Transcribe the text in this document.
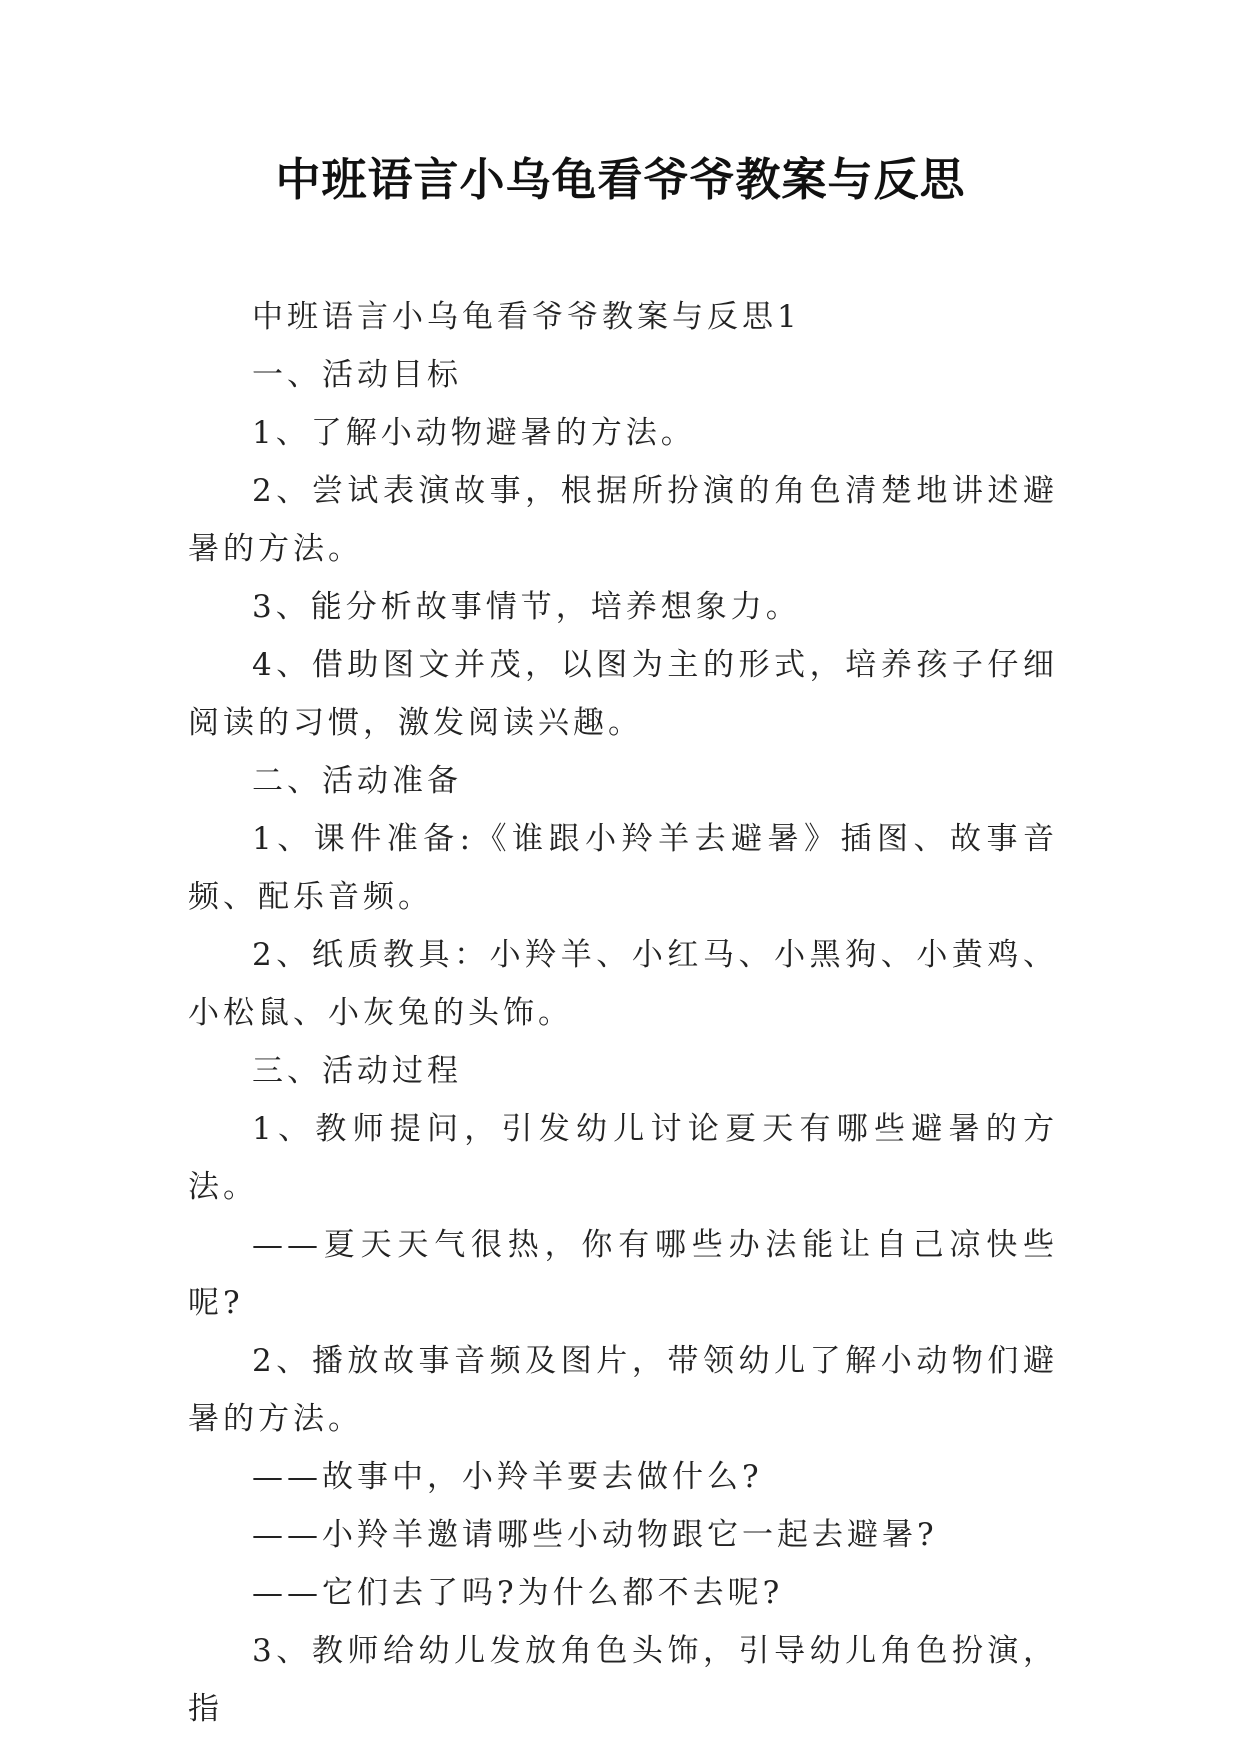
中班语言小乌龟看爷爷教案与反思

中班语言小乌龟看爷爷教案与反思1

一、活动目标

1、了解小动物避暑的方法。

2、尝试表演故事，根据所扮演的角色清楚地讲述避暑的方法。

3、能分析故事情节，培养想象力。

4、借助图文并茂，以图为主的形式，培养孩子仔细阅读的习惯，激发阅读兴趣。

二、活动准备

1、课件准备:《谁跟小羚羊去避暑》插图、故事音频、配乐音频。

2、纸质教具：小羚羊、小红马、小黑狗、小黄鸡、小松鼠、小灰兔的头饰。

三、活动过程

1、教师提问，引发幼儿讨论夏天有哪些避暑的方法。

——夏天天气很热，你有哪些办法能让自己凉快些呢?

2、播放故事音频及图片，带领幼儿了解小动物们避暑的方法。

——故事中，小羚羊要去做什么?

——小羚羊邀请哪些小动物跟它一起去避暑?

——它们去了吗?为什么都不去呢?

3、教师给幼儿发放角色头饰，引导幼儿角色扮演，指
